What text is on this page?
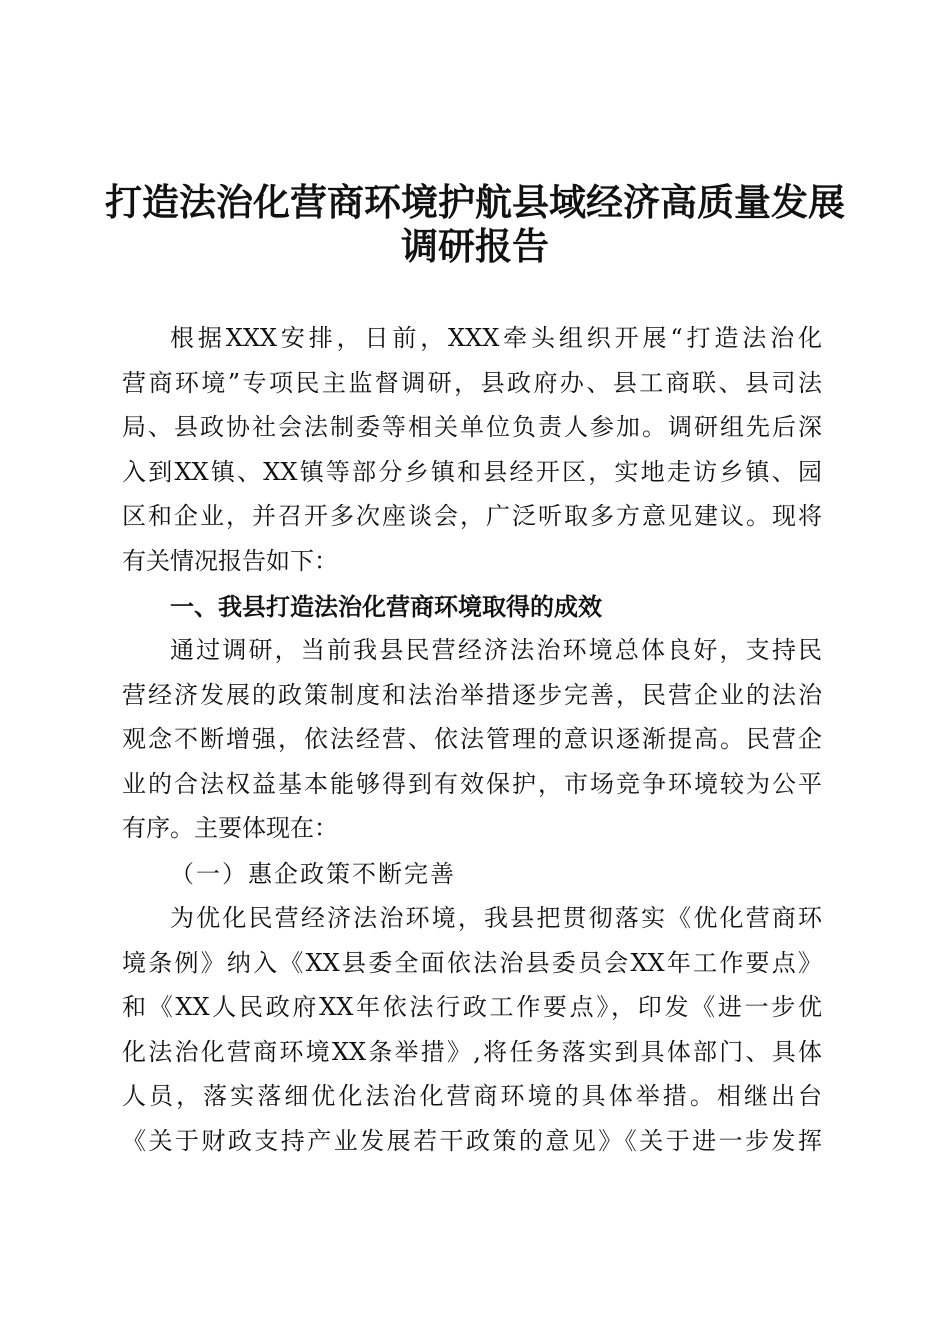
打造法治化营商环境护航县域经济高质量发展
调研报告
根据XXX安排，日前，XXX牵头组织开展“打造法治化
营商环境”专项民主监督调研，县政府办、县工商联、县司法
局、县政协社会法制委等相关单位负责人参加。调研组先后深
入到XX镇、XX镇等部分乡镇和县经开区，实地走访乡镇、园
区和企业，并召开多次座谈会，广泛听取多方意见建议。现将
有关情况报告如下：
一、我县打造法治化营商环境取得的成效
通过调研，当前我县民营经济法治环境总体良好，支持民
营经济发展的政策制度和法治举措逐步完善，民营企业的法治
观念不断增强，依法经营、依法管理的意识逐渐提高。民营企
业的合法权益基本能够得到有效保护，市场竞争环境较为公平
有序。主要体现在：
（一）惠企政策不断完善
为优化民营经济法治环境，我县把贯彻落实《优化营商环
境条例》纳入《XX县委全面依法治县委员会XX年工作要点》
和《XX人民政府XX年依法行政工作要点》，印发《进一步优
化法治化营商环境XX条举措》,将任务落实到具体部门、具体
人员，落实落细优化法治化营商环境的具体举措。相继出台
《关于财政支持产业发展若干政策的意见》《关于进一步发挥
